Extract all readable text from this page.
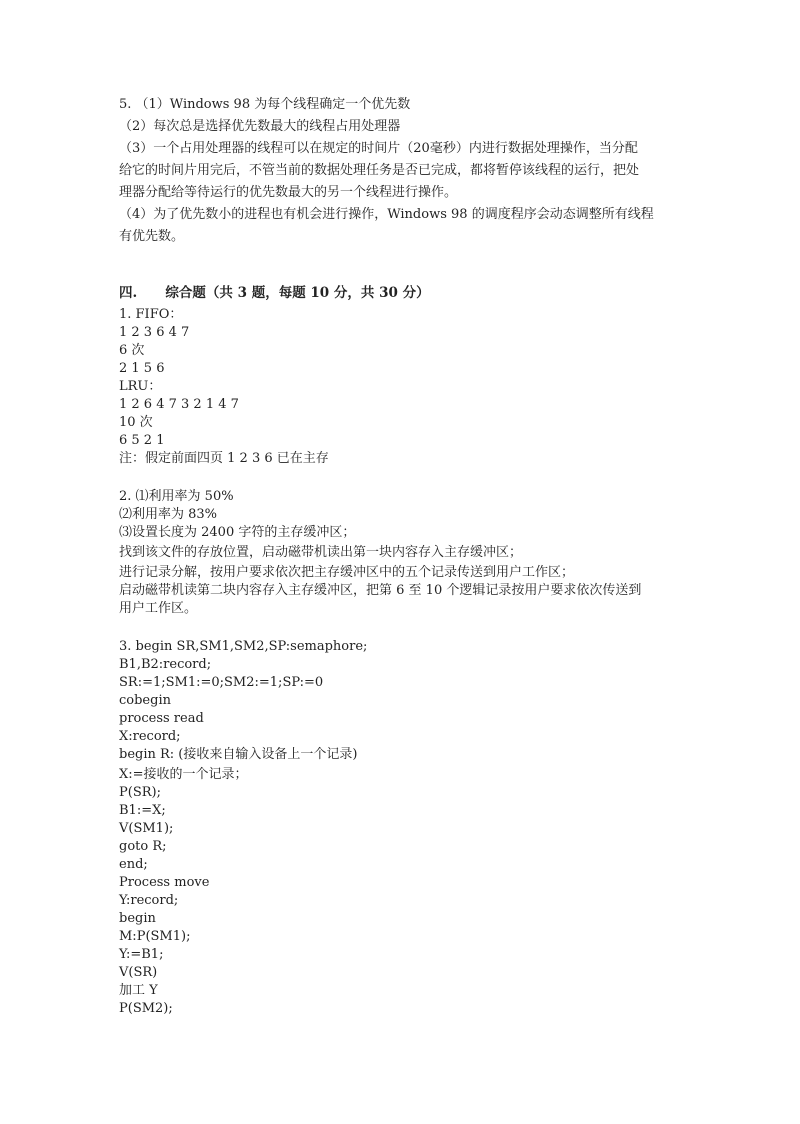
5. （1）Windows 98 为每个线程确定一个优先数
（2）每次总是选择优先数最大的线程占用处理器
（3）一个占用处理器的线程可以在规定的时间片（20毫秒）内进行数据处理操作，当分配
给它的时间片用完后，不管当前的数据处理任务是否已完成，都将暂停该线程的运行，把处
理器分配给等待运行的优先数最大的另一个线程进行操作。
（4）为了优先数小的进程也有机会进行操作，Windows 98 的调度程序会动态调整所有线程
有优先数。
四.      综合题（共 3 题，每题 10 分，共 30 分）
1. FIFO：
1 2 3 6 4 7
6 次
2 1 5 6
LRU：
1 2 6 4 7 3 2 1 4 7
10 次
6 5 2 1
注：假定前面四页 1 2 3 6 已在主存
2. ⑴利用率为 50%
⑵利用率为 83%
⑶设置长度为 2400 字符的主存缓冲区；
找到该文件的存放位置，启动磁带机读出第一块内容存入主存缓冲区；
进行记录分解，按用户要求依次把主存缓冲区中的五个记录传送到用户工作区；
启动磁带机读第二块内容存入主存缓冲区，把第 6 至 10 个逻辑记录按用户要求依次传送到
用户工作区。
3. begin SR,SM1,SM2,SP:semaphore;
B1,B2:record;
SR:=1;SM1:=0;SM2:=1;SP:=0
cobegin
process read
X:record;
begin R: (接收来自输入设备上一个记录)
X:=接收的一个记录；
P(SR);
B1:=X;
V(SM1);
goto R;
end;
Process move
Y:record;
begin
M:P(SM1);
Y:=B1;
V(SR)
加工 Y
P(SM2);
